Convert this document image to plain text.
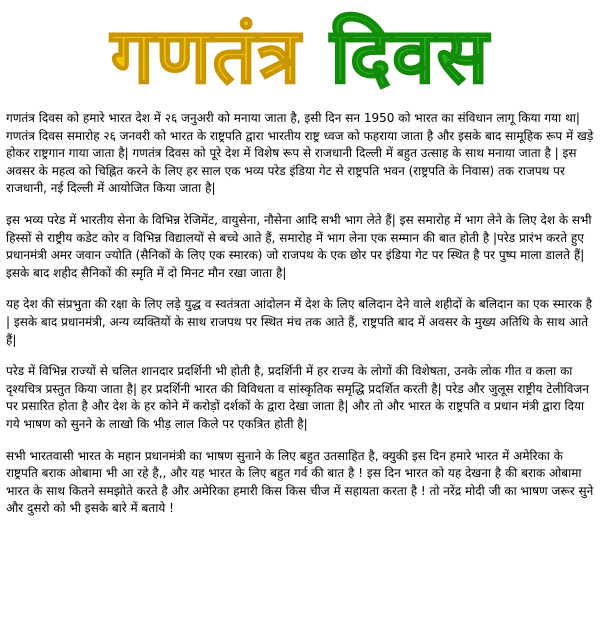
गणतंत्र दिवस

गणतंत्र दिवस को हमारे भारत देश में २६ जनुअरी को मनाया जाता है, इसी दिन सन 1950 को भारत का संविधान लागू किया गया था| गणतंत्र दिवस समारोह २६ जनवरी को भारत के राष्ट्रपति द्वारा भारतीय राष्ट्र ध्वज को फहराया जाता है और इसके बाद सामूहिक रूप में खड़े होकर राष्ट्रगान गाया जाता है| गणतंत्र दिवस को पूरे देश में विशेष रूप से राजधानी दिल्ली में बहुत उत्साह के साथ मनाया जाता है | इस अवसर के महत्व को चिह्नित करने के लिए हर साल एक भव्य परेड इंडिया गेट से राष्ट्रपति भवन (राष्ट्रपति के निवास) तक राजपथ पर राजधानी, नई दिल्ली में आयोजित किया जाता है|

इस भव्य परेड में भारतीय सेना के विभिन्न रेजिमेंट, वायुसेना, नौसेना आदि सभी भाग लेते हैं| इस समारोह में भाग लेने के लिए देश के सभी हिस्सों से राष्ट्रीय कडेट कोर व विभिन्न विद्यालयों से बच्चे आते हैं, समारोह में भाग लेना एक सम्मान की बात होती है |परेड प्रारंभ करते हुए प्रधानमंत्री अमर जवान ज्योति (सैनिकों के लिए एक स्मारक) जो राजपथ के एक छोर पर इंडिया गेट पर स्थित है पर पुष्प माला डालते हैं| इसके बाद शहीद सैनिकों की स्मृति में दो मिनट मौन रखा जाता है|

यह देश की संप्रभुता की रक्षा के लिए लड़े युद्ध व स्वतंत्रता आंदोलन में देश के लिए बलिदान देने वाले शहीदों के बलिदान का एक स्मारक है | इसके बाद प्रधानमंत्री, अन्य व्यक्तियों के साथ राजपथ पर स्थित मंच तक आते हैं, राष्ट्रपति बाद में अवसर के मुख्य अतिथि के साथ आते हैं|

परेड में विभिन्न राज्यों से चलित शानदार प्रदर्शिनी भी होती है, प्रदर्शिनी में हर राज्य के लोगों की विशेषता, उनके लोक गीत व कला का दृश्यचित्र प्रस्तुत किया जाता है| हर प्रदर्शिनी भारत की विविधता व सांस्कृतिक समृद्धि प्रदर्शित करती है| परेड और जुलूस राष्ट्रीय टेलीविजन पर प्रसारित होता है और देश के हर कोने में करोड़ों दर्शकों के द्वारा देखा जाता है| और तो और भारत के राष्ट्रपति व प्रधान मंत्री द्वारा दिया गये भाषण को सुनने के लाखो कि भीड़ लाल किले पर एकत्रित होती है|

सभी भारतवासी भारत के महान प्रधानमंत्री का भाषण सुनाने के लिए बहुत उतसाहित है, क्युकी इस दिन हमारे भारत में अमेरिका के राष्ट्रपति बराक ओबामा भी आ रहे है,, और यह भारत के लिए बहुत गर्व की बात है ! इस दिन भारत को यह देखना है की बराक ओबामा भारत के साथ कितने समझोते करते है और अमेरिका हमारी किस किस चीज में सहायता करता है ! तो नरेंद्र मोदी जी का भाषण जरूर सुने और दुसरो को भी इसके बारे में बताये !
